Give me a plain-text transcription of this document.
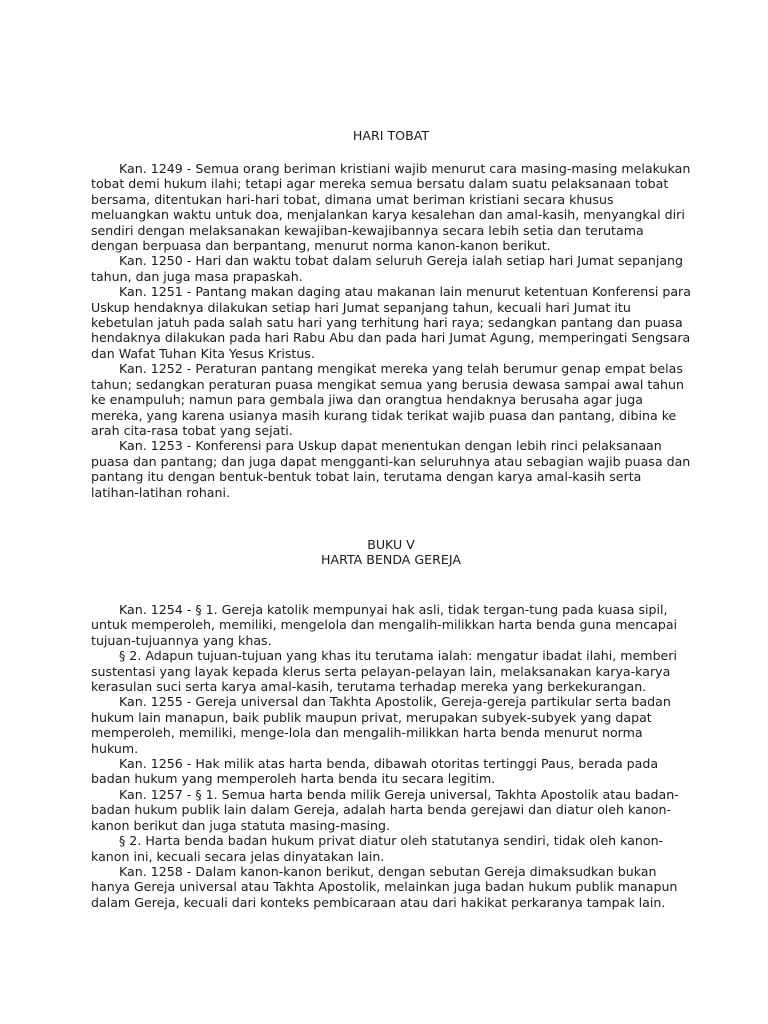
HARI TOBAT

Kan. 1249 - Semua orang beriman kristiani wajib menurut cara masing-masing melakukan tobat demi hukum ilahi; tetapi agar mereka semua bersatu dalam suatu pelaksanaan tobat bersama, ditentukan hari-hari tobat, dimana umat beriman kristiani secara khusus meluangkan waktu untuk doa, menjalankan karya kesalehan dan amal-kasih, menyangkal diri sendiri dengan melaksanakan kewajiban-kewajibannya secara lebih setia dan terutama dengan berpuasa dan berpantang, menurut norma kanon-kanon berikut.

Kan. 1250 - Hari dan waktu tobat dalam seluruh Gereja ialah setiap hari Jumat sepanjang tahun, dan juga masa prapaskah.

Kan. 1251 - Pantang makan daging atau makanan lain menurut ketentuan Konferensi para Uskup hendaknya dilakukan setiap hari Jumat sepanjang tahun, kecuali hari Jumat itu kebetulan jatuh pada salah satu hari yang terhitung hari raya; sedangkan pantang dan puasa hendaknya dilakukan pada hari Rabu Abu dan pada hari Jumat Agung, memperingati Sengsara dan Wafat Tuhan Kita Yesus Kristus.

Kan. 1252 - Peraturan pantang mengikat mereka yang telah berumur genap empat belas tahun; sedangkan peraturan puasa mengikat semua yang berusia dewasa sampai awal tahun ke enampuluh; namun para gembala jiwa dan orangtua hendaknya berusaha agar juga mereka, yang karena usianya masih kurang tidak terikat wajib puasa dan pantang, dibina ke arah cita-rasa tobat yang sejati.

Kan. 1253 - Konferensi para Uskup dapat menentukan dengan lebih rinci pelaksanaan puasa dan pantang; dan juga dapat mengganti-kan seluruhnya atau sebagian wajib puasa dan pantang itu dengan bentuk-bentuk tobat lain, terutama dengan karya amal-kasih serta latihan-latihan rohani.

BUKU V

HARTA BENDA GEREJA

Kan. 1254 - § 1. Gereja katolik mempunyai hak asli, tidak tergan-tung pada kuasa sipil, untuk memperoleh, memiliki, mengelola dan mengalih-milikkan harta benda guna mencapai tujuan-tujuannya yang khas.

§ 2. Adapun tujuan-tujuan yang khas itu terutama ialah: mengatur ibadat ilahi, memberi sustentasi yang layak kepada klerus serta pelayan-pelayan lain, melaksanakan karya-karya kerasulan suci serta karya amal-kasih, terutama terhadap mereka yang berkekurangan.

Kan. 1255 - Gereja universal dan Takhta Apostolik, Gereja-gereja partikular serta badan hukum lain manapun, baik publik maupun privat, merupakan subyek-subyek yang dapat memperoleh, memiliki, menge-lola dan mengalih-milikkan harta benda menurut norma hukum.

Kan. 1256 - Hak milik atas harta benda, dibawah otoritas tertinggi Paus, berada pada badan hukum yang memperoleh harta benda itu secara legitim.

Kan. 1257 - § 1. Semua harta benda milik Gereja universal, Takhta Apostolik atau badan-badan hukum publik lain dalam Gereja, adalah harta benda gerejawi dan diatur oleh kanon-kanon berikut dan juga statuta masing-masing.

§ 2. Harta benda badan hukum privat diatur oleh statutanya sendiri, tidak oleh kanon-kanon ini, kecuali secara jelas dinyatakan lain.

Kan. 1258 - Dalam kanon-kanon berikut, dengan sebutan Gereja dimaksudkan bukan hanya Gereja universal atau Takhta Apostolik, melainkan juga badan hukum publik manapun dalam Gereja, kecuali dari konteks pembicaraan atau dari hakikat perkaranya tampak lain.
